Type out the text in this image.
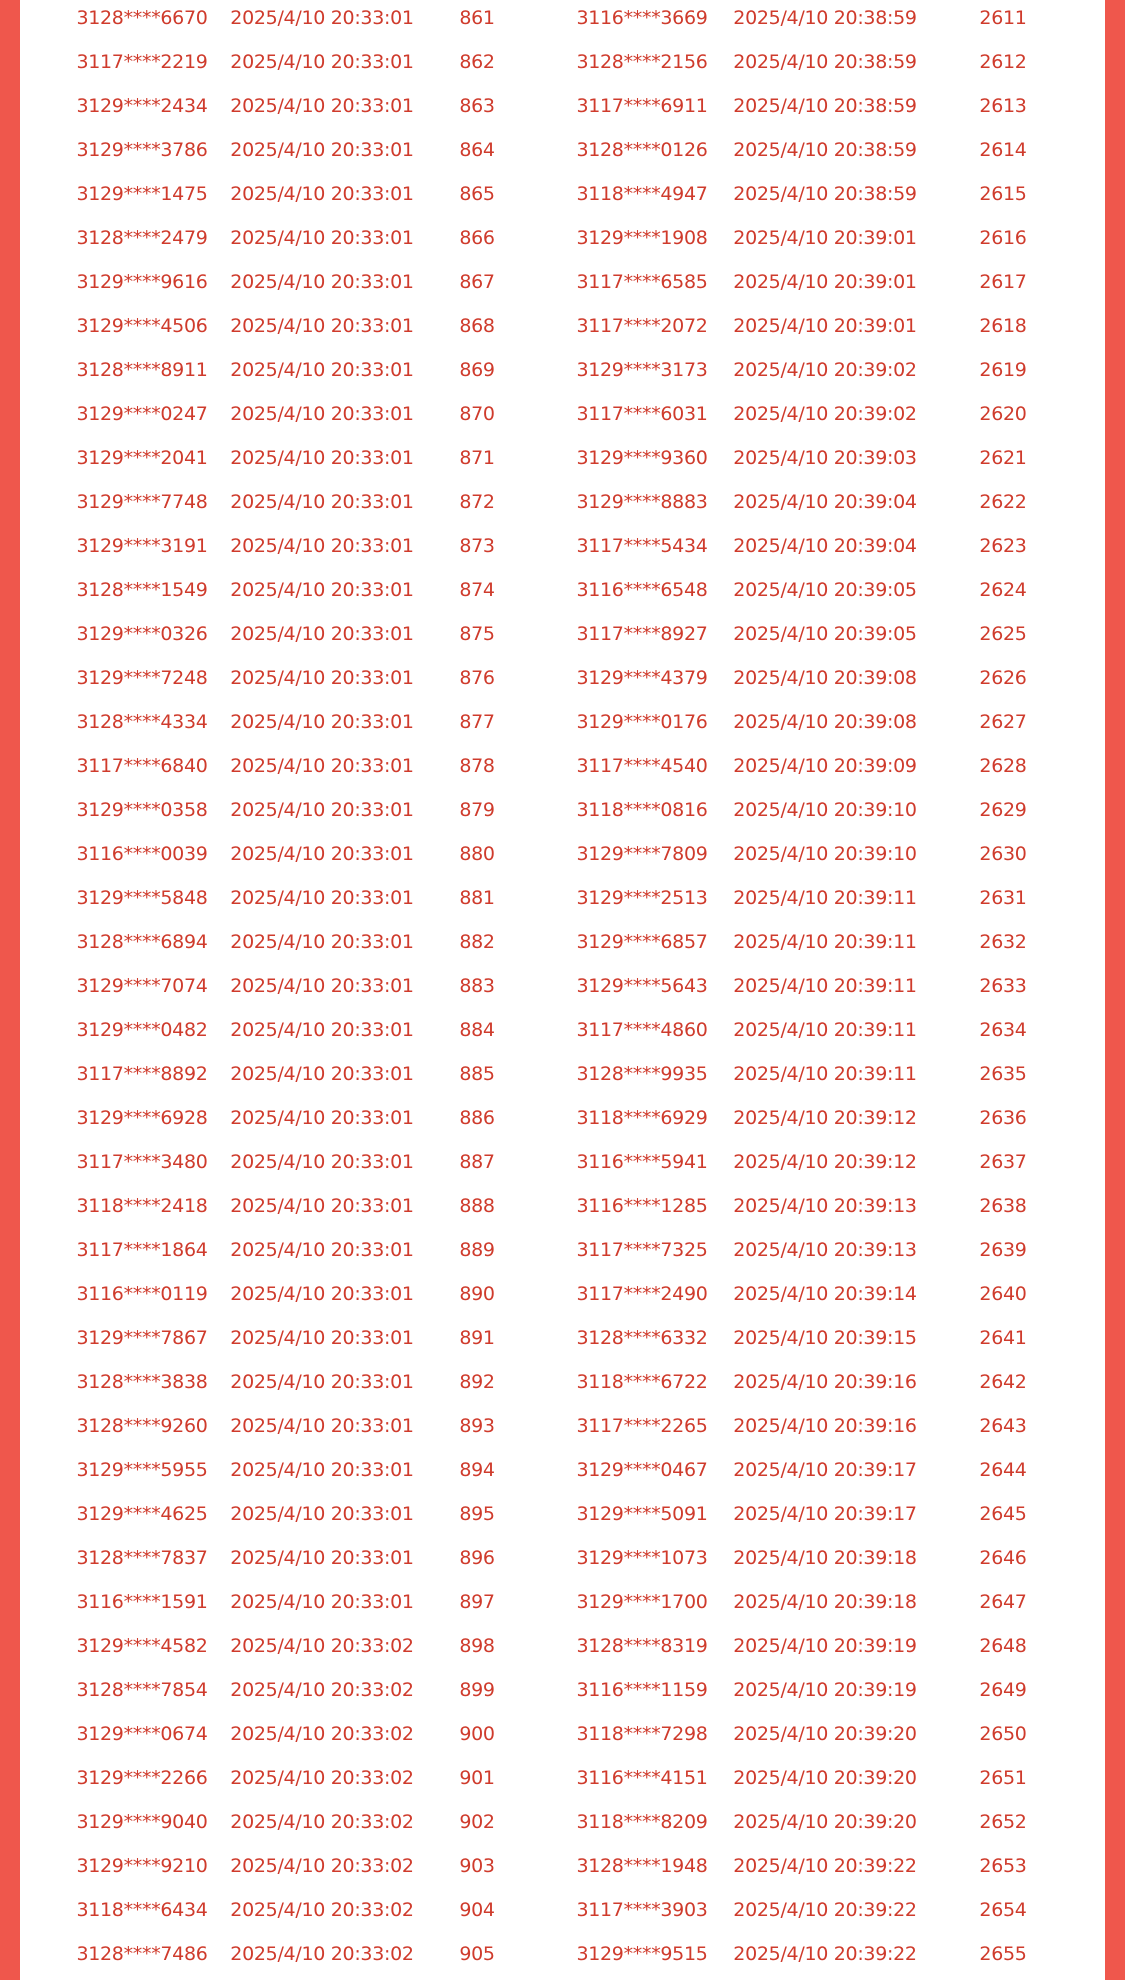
3128****6670	2025/4/10 20:33:01	861	3116****3669	2025/4/10 20:38:59	2611
3117****2219	2025/4/10 20:33:01	862	3128****2156	2025/4/10 20:38:59	2612
3129****2434	2025/4/10 20:33:01	863	3117****6911	2025/4/10 20:38:59	2613
3129****3786	2025/4/10 20:33:01	864	3128****0126	2025/4/10 20:38:59	2614
3129****1475	2025/4/10 20:33:01	865	3118****4947	2025/4/10 20:38:59	2615
3128****2479	2025/4/10 20:33:01	866	3129****1908	2025/4/10 20:39:01	2616
3129****9616	2025/4/10 20:33:01	867	3117****6585	2025/4/10 20:39:01	2617
3129****4506	2025/4/10 20:33:01	868	3117****2072	2025/4/10 20:39:01	2618
3128****8911	2025/4/10 20:33:01	869	3129****3173	2025/4/10 20:39:02	2619
3129****0247	2025/4/10 20:33:01	870	3117****6031	2025/4/10 20:39:02	2620
3129****2041	2025/4/10 20:33:01	871	3129****9360	2025/4/10 20:39:03	2621
3129****7748	2025/4/10 20:33:01	872	3129****8883	2025/4/10 20:39:04	2622
3129****3191	2025/4/10 20:33:01	873	3117****5434	2025/4/10 20:39:04	2623
3128****1549	2025/4/10 20:33:01	874	3116****6548	2025/4/10 20:39:05	2624
3129****0326	2025/4/10 20:33:01	875	3117****8927	2025/4/10 20:39:05	2625
3129****7248	2025/4/10 20:33:01	876	3129****4379	2025/4/10 20:39:08	2626
3128****4334	2025/4/10 20:33:01	877	3129****0176	2025/4/10 20:39:08	2627
3117****6840	2025/4/10 20:33:01	878	3117****4540	2025/4/10 20:39:09	2628
3129****0358	2025/4/10 20:33:01	879	3118****0816	2025/4/10 20:39:10	2629
3116****0039	2025/4/10 20:33:01	880	3129****7809	2025/4/10 20:39:10	2630
3129****5848	2025/4/10 20:33:01	881	3129****2513	2025/4/10 20:39:11	2631
3128****6894	2025/4/10 20:33:01	882	3129****6857	2025/4/10 20:39:11	2632
3129****7074	2025/4/10 20:33:01	883	3129****5643	2025/4/10 20:39:11	2633
3129****0482	2025/4/10 20:33:01	884	3117****4860	2025/4/10 20:39:11	2634
3117****8892	2025/4/10 20:33:01	885	3128****9935	2025/4/10 20:39:11	2635
3129****6928	2025/4/10 20:33:01	886	3118****6929	2025/4/10 20:39:12	2636
3117****3480	2025/4/10 20:33:01	887	3116****5941	2025/4/10 20:39:12	2637
3118****2418	2025/4/10 20:33:01	888	3116****1285	2025/4/10 20:39:13	2638
3117****1864	2025/4/10 20:33:01	889	3117****7325	2025/4/10 20:39:13	2639
3116****0119	2025/4/10 20:33:01	890	3117****2490	2025/4/10 20:39:14	2640
3129****7867	2025/4/10 20:33:01	891	3128****6332	2025/4/10 20:39:15	2641
3128****3838	2025/4/10 20:33:01	892	3118****6722	2025/4/10 20:39:16	2642
3128****9260	2025/4/10 20:33:01	893	3117****2265	2025/4/10 20:39:16	2643
3129****5955	2025/4/10 20:33:01	894	3129****0467	2025/4/10 20:39:17	2644
3129****4625	2025/4/10 20:33:01	895	3129****5091	2025/4/10 20:39:17	2645
3128****7837	2025/4/10 20:33:01	896	3129****1073	2025/4/10 20:39:18	2646
3116****1591	2025/4/10 20:33:01	897	3129****1700	2025/4/10 20:39:18	2647
3129****4582	2025/4/10 20:33:02	898	3128****8319	2025/4/10 20:39:19	2648
3128****7854	2025/4/10 20:33:02	899	3116****1159	2025/4/10 20:39:19	2649
3129****0674	2025/4/10 20:33:02	900	3118****7298	2025/4/10 20:39:20	2650
3129****2266	2025/4/10 20:33:02	901	3116****4151	2025/4/10 20:39:20	2651
3129****9040	2025/4/10 20:33:02	902	3118****8209	2025/4/10 20:39:20	2652
3129****9210	2025/4/10 20:33:02	903	3128****1948	2025/4/10 20:39:22	2653
3118****6434	2025/4/10 20:33:02	904	3117****3903	2025/4/10 20:39:22	2654
3128****7486	2025/4/10 20:33:02	905	3129****9515	2025/4/10 20:39:22	2655
